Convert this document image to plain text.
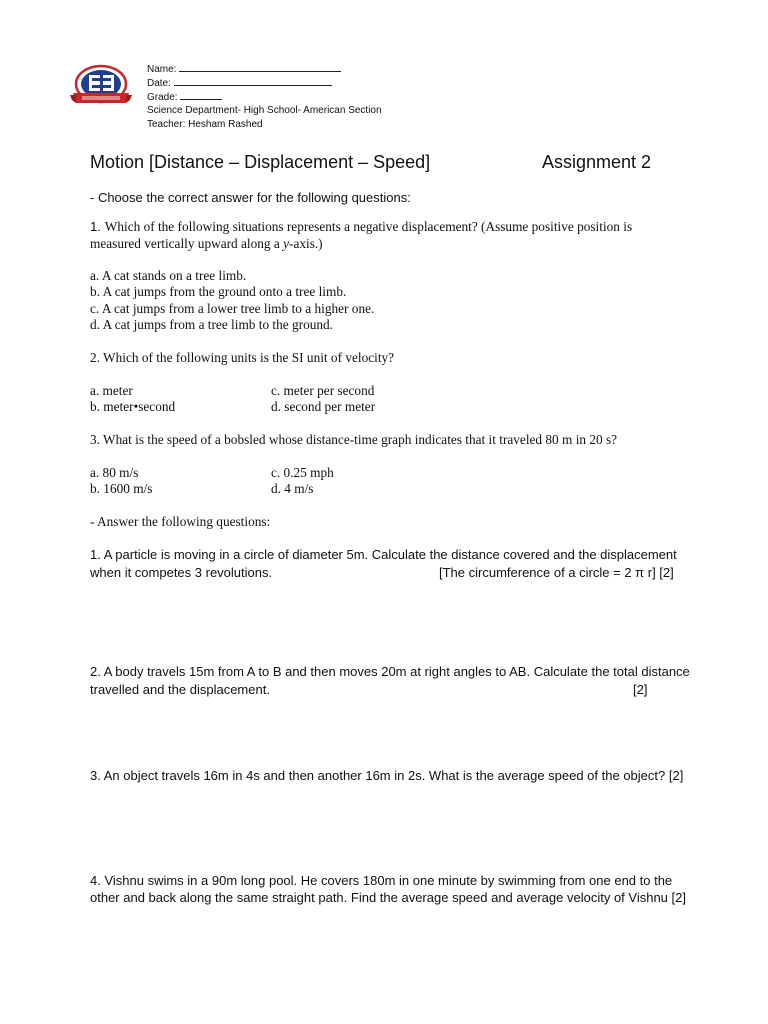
Name:
Date:
Grade:
Science Department- High School- American Section
Teacher: Hesham Rashed
Motion [Distance – Displacement – Speed]	Assignment 2
- Choose the correct answer for the following questions:
1. Which of the following situations represents a negative displacement? (Assume positive position is
measured vertically upward along a y-axis.)
a. A cat stands on a tree limb.
b. A cat jumps from the ground onto a tree limb.
c. A cat jumps from a lower tree limb to a higher one.
d. A cat jumps from a tree limb to the ground.
2. Which of the following units is the SI unit of velocity?
a. meter
b. meter•second
c. meter per second
d. second per meter
3. What is the speed of a bobsled whose distance-time graph indicates that it traveled 80 m in 20 s?
a. 80 m/s
b. 1600 m/s
c. 0.25 mph
d. 4 m/s
- Answer the following questions:
1. A particle is moving in a circle of diameter 5m. Calculate the distance covered and the displacement
when it competes 3 revolutions.	[The circumference of a circle = 2 π r] [2]
2. A body travels 15m from A to B and then moves 20m at right angles to AB. Calculate the total distance
travelled and the displacement.	[2]
3. An object travels 16m in 4s and then another 16m in 2s. What is the average speed of the object? [2]
4. Vishnu swims in a 90m long pool. He covers 180m in one minute by swimming from one end to the
other and back along the same straight path. Find the average speed and average velocity of Vishnu [2]
